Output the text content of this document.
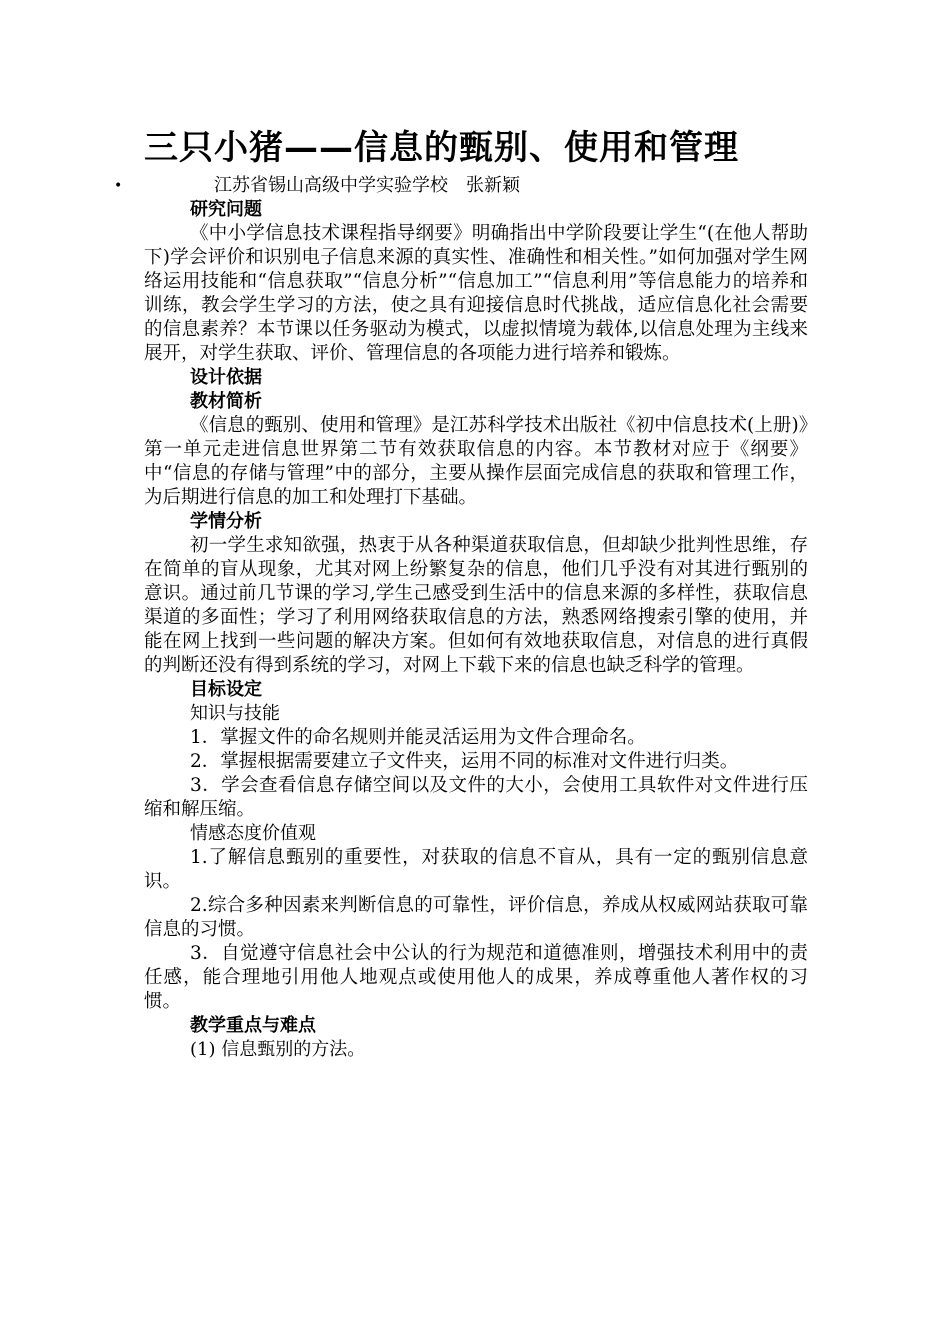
三只小猪——信息的甄别、使用和管理
•	江苏省锡山高级中学实验学校　张新颖
研究问题

《中小学信息技术课程指导纲要》明确指出中学阶段要让学生“(在他人帮助下)学会评价和识别电子信息来源的真实性、准确性和相关性。”如何加强对学生网络运用技能和“信息获取”“信息分析”“信息加工”“信息利用”等信息能力的培养和训练，教会学生学习的方法，使之具有迎接信息时代挑战，适应信息化社会需要的信息素养？本节课以任务驱动为模式，以虚拟情境为载体,以信息处理为主线来展开，对学生获取、评价、管理信息的各项能力进行培养和锻炼。

设计依据
教材简析

《信息的甄别、使用和管理》是江苏科学技术出版社《初中信息技术(上册)》第一单元走进信息世界第二节有效获取信息的内容。本节教材对应于《纲要》中“信息的存储与管理”中的部分，主要从操作层面完成信息的获取和管理工作，为后期进行信息的加工和处理打下基础。

学情分析

初一学生求知欲强，热衷于从各种渠道获取信息，但却缺少批判性思维，存在简单的盲从现象，尤其对网上纷繁复杂的信息，他们几乎没有对其进行甄别的意识。通过前几节课的学习,学生己感受到生活中的信息来源的多样性，获取信息渠道的多面性；学习了利用网络获取信息的方法，熟悉网络搜索引擎的使用，并能在网上找到一些问题的解决方案。但如何有效地获取信息，对信息的进行真假的判断还没有得到系统的学习，对网上下载下来的信息也缺乏科学的管理。

目标设定
知识与技能

1．掌握文件的命名规则并能灵活运用为文件合理命名。

2．掌握根据需要建立子文件夹，运用不同的标准对文件进行归类。

3．学会查看信息存储空间以及文件的大小，会使用工具软件对文件进行压缩和解压缩。

情感态度价值观

1.了解信息甄别的重要性，对获取的信息不盲从，具有一定的甄别信息意识。

2.综合多种因素来判断信息的可靠性，评价信息，养成从权威网站获取可靠信息的习惯。

3．自觉遵守信息社会中公认的行为规范和道德准则，增强技术利用中的责任感，能合理地引用他人地观点或使用他人的成果，养成尊重他人著作权的习惯。

教学重点与难点
(1) 信息甄别的方法。
